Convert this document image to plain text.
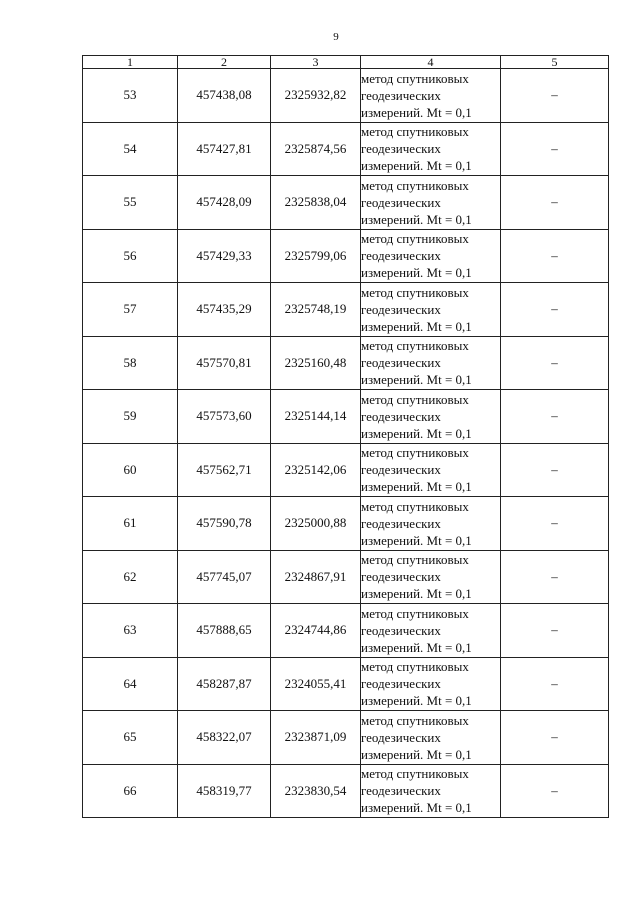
9
1	2	3	4	5
53	457438,08	2325932,82	метод спутниковых
геодезических
измерений. Mt = 0,1	–
54	457427,81	2325874,56	метод спутниковых
геодезических
измерений. Mt = 0,1	–
55	457428,09	2325838,04	метод спутниковых
геодезических
измерений. Mt = 0,1	–
56	457429,33	2325799,06	метод спутниковых
геодезических
измерений. Mt = 0,1	–
57	457435,29	2325748,19	метод спутниковых
геодезических
измерений. Mt = 0,1	–
58	457570,81	2325160,48	метод спутниковых
геодезических
измерений. Mt = 0,1	–
59	457573,60	2325144,14	метод спутниковых
геодезических
измерений. Mt = 0,1	–
60	457562,71	2325142,06	метод спутниковых
геодезических
измерений. Mt = 0,1	–
61	457590,78	2325000,88	метод спутниковых
геодезических
измерений. Mt = 0,1	–
62	457745,07	2324867,91	метод спутниковых
геодезических
измерений. Mt = 0,1	–
63	457888,65	2324744,86	метод спутниковых
геодезических
измерений. Mt = 0,1	–
64	458287,87	2324055,41	метод спутниковых
геодезических
измерений. Mt = 0,1	–
65	458322,07	2323871,09	метод спутниковых
геодезических
измерений. Mt = 0,1	–
66	458319,77	2323830,54	метод спутниковых
геодезических
измерений. Mt = 0,1	–
